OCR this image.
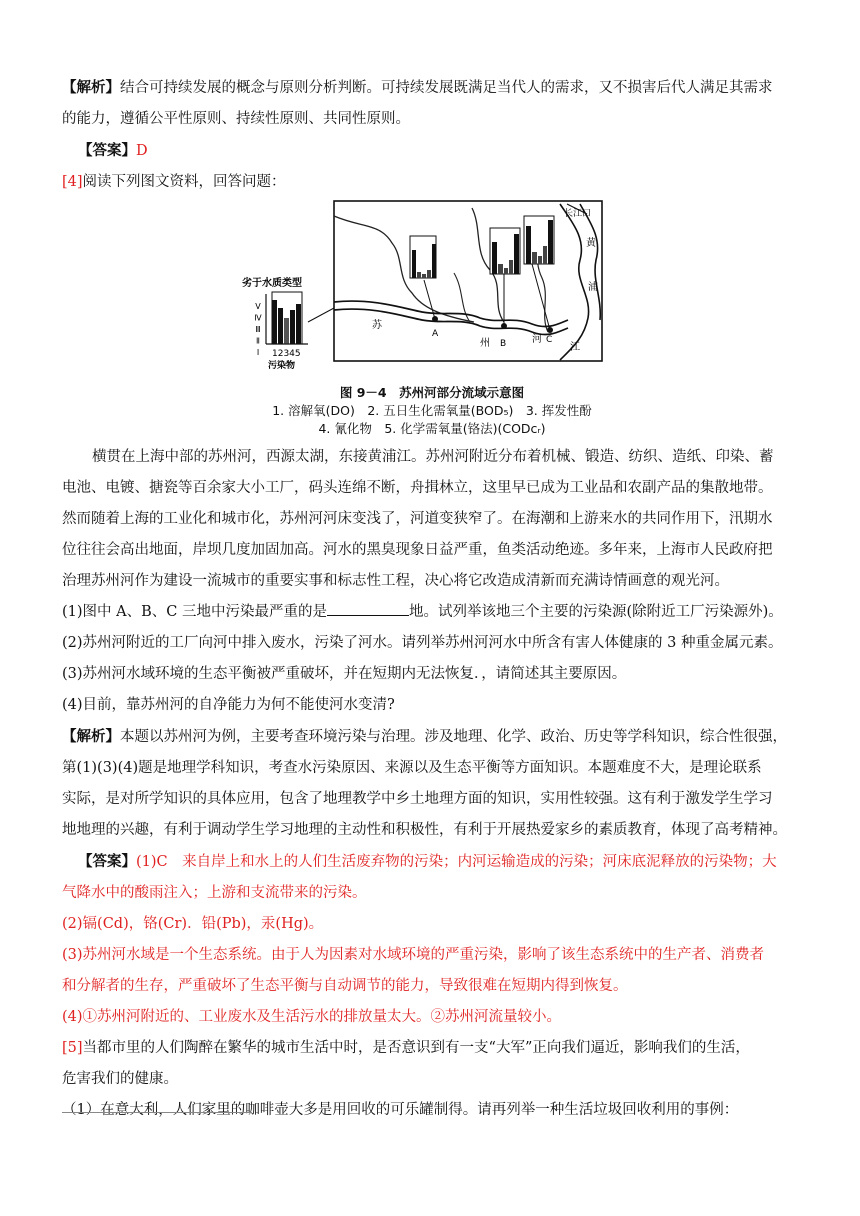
【解析】结合可持续发展的概念与原则分析判断。可持续发展既满足当代人的需求，又不损害后代人满足其需求

的能力，遵循公平性原则、持续性原则、共同性原则。

【答案】D

[4]阅读下列图文资料，回答问题：

劣于水质类型
Ⅴ Ⅳ Ⅲ Ⅱ Ⅰ 12345
污染物
长江口
黄
浦
江
苏
州	河
A
B	C
图 9－4　苏州河部分流域示意图
1. 溶解氧(DO)　2. 五日生化需氧量(BOD₅)　3. 挥发性酚
4. 氰化物　5. 化学需氧量(铬法)(CODᴄᵣ)

横贯在上海中部的苏州河，西源太湖，东接黄浦江。苏州河附近分布着机械、锻造、纺织、造纸、印染、蓄

电池、电镀、搪瓷等百余家大小工厂，码头连绵不断，舟揖林立，这里早已成为工业品和农副产品的集散地带。

然而随着上海的工业化和城市化，苏州河河床变浅了，河道变狭窄了。在海潮和上游来水的共同作用下，汛期水

位往往会高出地面，岸坝几度加固加高。河水的黑臭现象日益严重，鱼类活动绝迹。多年来，上海市人民政府把

治理苏州河作为建设一流城市的重要实事和标志性工程，决心将它改造成清新而充满诗情画意的观光河。

(1)图中 A、B、C 三地中污染最严重的是	地。试列举该地三个主要的污染源(除附近工厂污染源外)。

(2)苏州河附近的工厂向河中排入废水，污染了河水。请列举苏州河河水中所含有害人体健康的 3 种重金属元素。

(3)苏州河水域环境的生态平衡被严重破坏，并在短期内无法恢复．，请简述其主要原因。

(4)目前，靠苏州河的自净能力为何不能使河水变清?

【解析】本题以苏州河为例，主要考查环境污染与治理。涉及地理、化学、政治、历史等学科知识，综合性很强，

第(1)(3)(4)题是地理学科知识，考查水污染原因、来源以及生态平衡等方面知识。本题难度不大，是理论联系

实际，是对所学知识的具体应用，包含了地理教学中乡土地理方面的知识，实用性较强。这有利于激发学生学习

地地理的兴趣，有利于调动学生学习地理的主动性和积极性，有利于开展热爱家乡的素质教育，体现了高考精神。

【答案】(1)C　来自岸上和水上的人们生活废弃物的污染；内河运输造成的污染；河床底泥释放的污染物；大

气降水中的酸雨注入；上游和支流带来的污染。

(2)镉(Cd)，铬(Cr)．铅(Pb)，汞(Hg)。

(3)苏州河水域是一个生态系统。由于人为因素对水域环境的严重污染，影响了该生态系统中的生产者、消费者

和分解者的生存，严重破坏了生态平衡与自动调节的能力，导致很难在短期内得到恢复。

(4)①苏州河附近的、工业废水及生活污水的排放量太大。②苏州河流量较小。

[5]当都市里的人们陶醉在繁华的城市生活中时，是否意识到有一支“大军”正向我们逼近，影响我们的生活，

危害我们的健康。

（1）在意大利，人们家里的咖啡壶大多是用回收的可乐罐制得。请再列举一种生活垃圾回收利用的事例：
